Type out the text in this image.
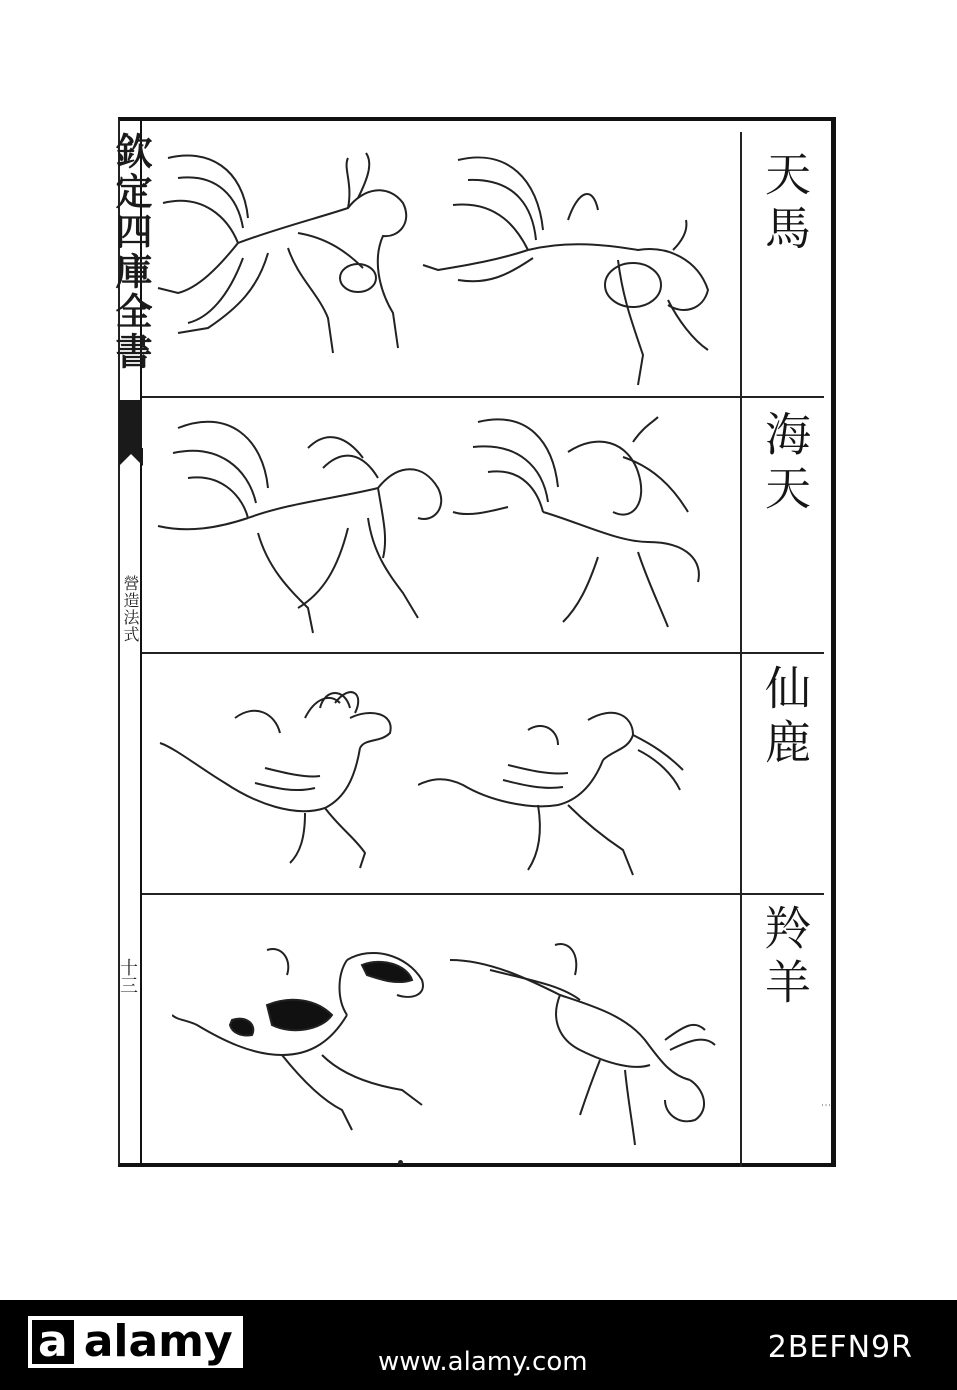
欽定四庫全書
營造法式
十三
天馬
海天
仙鹿
羚羊
⋮
a alamy	www.alamy.com	2BEFN9R
